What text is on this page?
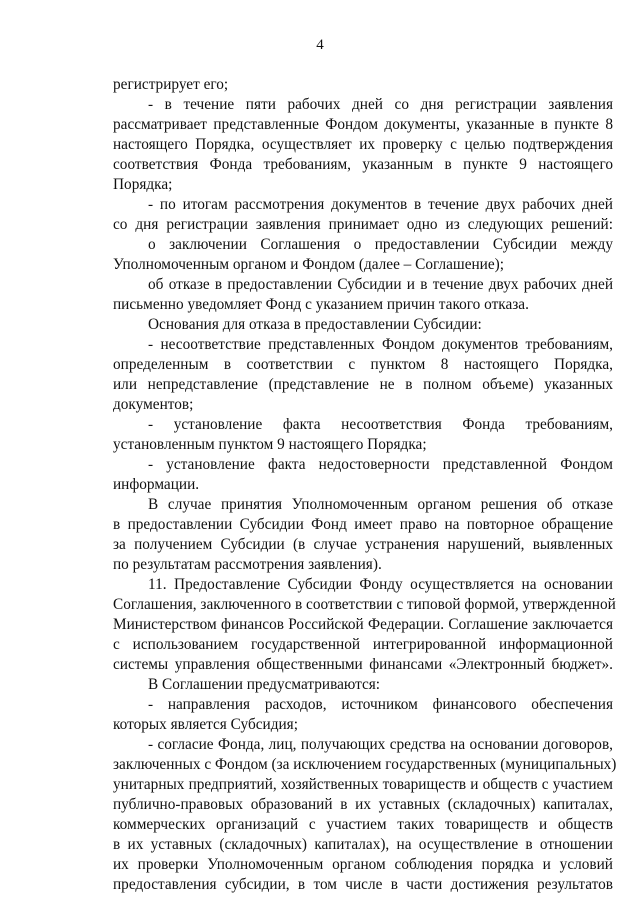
4
регистрирует его;
- в течение пяти рабочих дней со дня регистрации заявления
рассматривает представленные Фондом документы, указанные в пункте 8
настоящего Порядка, осуществляет их проверку с целью подтверждения
соответствия Фонда требованиям, указанным в пункте 9 настоящего
Порядка;
- по итогам рассмотрения документов в течение двух рабочих дней
со дня регистрации заявления принимает одно из следующих решений:
о заключении Соглашения о предоставлении Субсидии между
Уполномоченным органом и Фондом (далее – Соглашение);
об отказе в предоставлении Субсидии и в течение двух рабочих дней
письменно уведомляет Фонд с указанием причин такого отказа.
Основания для отказа в предоставлении Субсидии:
- несоответствие представленных Фондом документов требованиям,
определенным в соответствии с пунктом 8 настоящего Порядка,
или непредставление (представление не в полном объеме) указанных
документов;
- установление факта несоответствия Фонда требованиям,
установленным пунктом 9 настоящего Порядка;
- установление факта недостоверности представленной Фондом
информации.
В случае принятия Уполномоченным органом решения об отказе
в предоставлении Субсидии Фонд имеет право на повторное обращение
за получением Субсидии (в случае устранения нарушений, выявленных
по результатам рассмотрения заявления).
11. Предоставление Субсидии Фонду осуществляется на основании
Соглашения, заключенного в соответствии с типовой формой, утвержденной
Министерством финансов Российской Федерации. Соглашение заключается
с использованием государственной интегрированной информационной
системы управления общественными финансами «Электронный бюджет».
В Соглашении предусматриваются:
- направления расходов, источником финансового обеспечения
которых является Субсидия;
- согласие Фонда, лиц, получающих средства на основании договоров,
заключенных с Фондом (за исключением государственных (муниципальных)
унитарных предприятий, хозяйственных товариществ и обществ с участием
публично-правовых образований в их уставных (складочных) капиталах,
коммерческих организаций с участием таких товариществ и обществ
в их уставных (складочных) капиталах), на осуществление в отношении
их проверки Уполномоченным органом соблюдения порядка и условий
предоставления субсидии, в том числе в части достижения результатов
